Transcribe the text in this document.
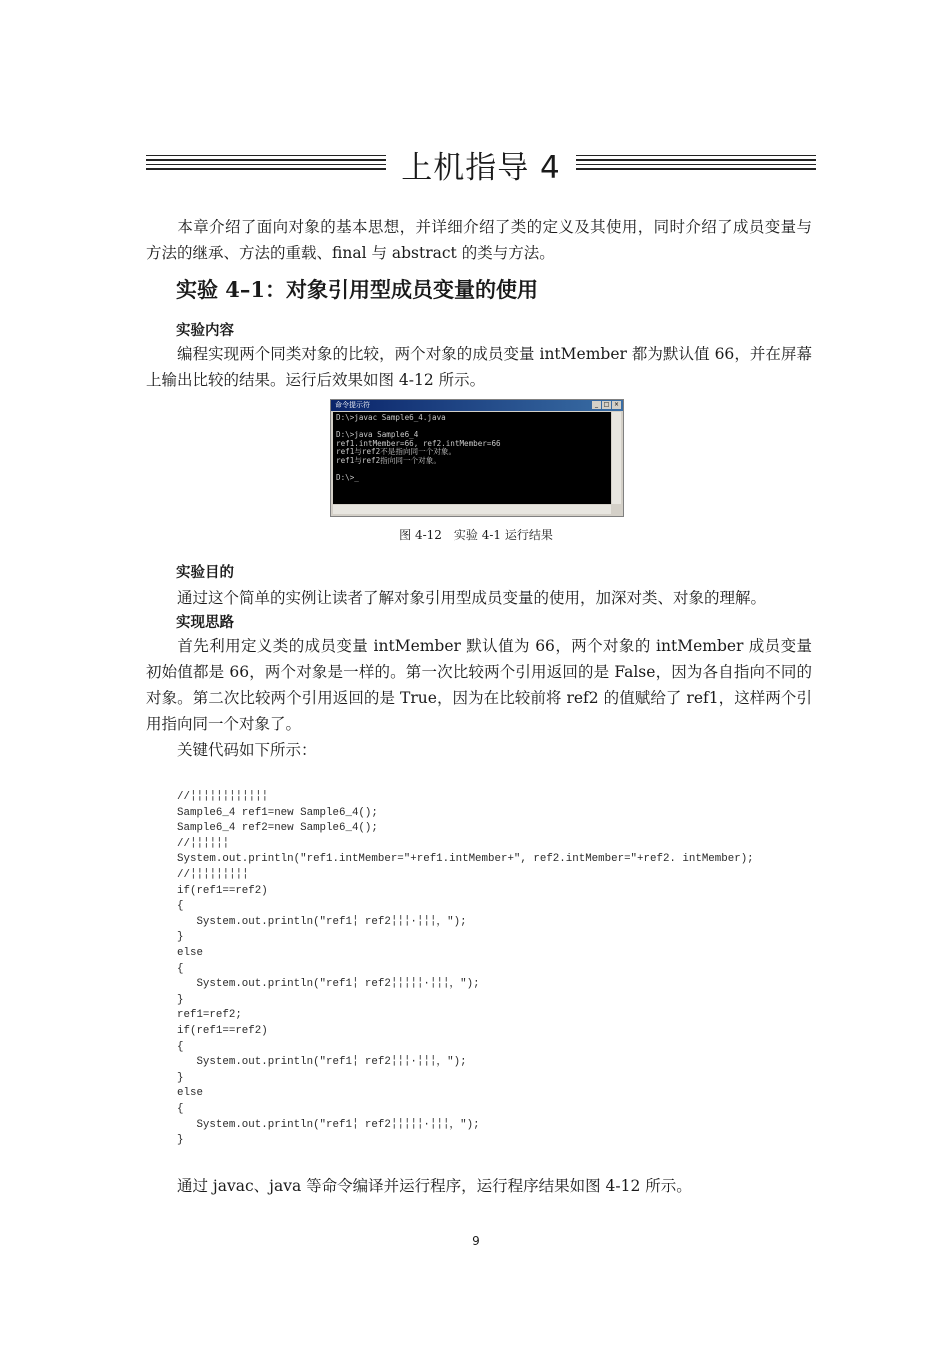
上机指导 4
本章介绍了面向对象的基本思想，并详细介绍了类的定义及其使用，同时介绍了成员变量与方法的继承、方法的重载、final 与 abstract 的类与方法。
实验 4–1：对象引用型成员变量的使用
实验内容
编程实现两个同类对象的比较，两个对象的成员变量 intMember 都为默认值 66，并在屏幕上输出比较的结果。运行后效果如图 4-12 所示。
命令提示符	_ □ ×
D:\>javac Sample6_4.java

D:\>java Sample6_4
ref1.intMember=66, ref2.intMember=66
ref1与ref2不是指向同一个对象。
ref1与ref2指向同一个对象。

D:\>_
图 4-12　实验 4-1 运行结果
实验目的
通过这个简单的实例让读者了解对象引用型成员变量的使用，加深对类、对象的理解。
实现思路
首先利用定义类的成员变量 intMember 默认值为 66，两个对象的 intMember 成员变量初始值都是 66，两个对象是一样的。第一次比较两个引用返回的是 False，因为各自指向不同的对象。第二次比较两个引用返回的是 True，因为在比较前将 ref2 的值赋给了 ref1，这样两个引用指向同一个对象了。
关键代码如下所示：
//╎╎╎╎╎╎╎╎╎╎╎╎
Sample6_4 ref1=new Sample6_4();
Sample6_4 ref2=new Sample6_4();
//╎╎╎╎╎╎
System.out.println("ref1.intMember="+ref1.intMember+", ref2.intMember="+ref2. intMember);
//╎╎╎╎╎╎╎╎╎
if(ref1==ref2)
{
System.out.println("ref1╎ ref2╎╎╎·╎╎╎，");
}
else
{
System.out.println("ref1╎ ref2╎╎╎╎╎·╎╎╎，");
}
ref1=ref2;
if(ref1==ref2)
{
System.out.println("ref1╎ ref2╎╎╎·╎╎╎，");
}
else
{
System.out.println("ref1╎ ref2╎╎╎╎╎·╎╎╎，");
}
通过 javac、java 等命令编译并运行程序，运行程序结果如图 4-12 所示。
9
